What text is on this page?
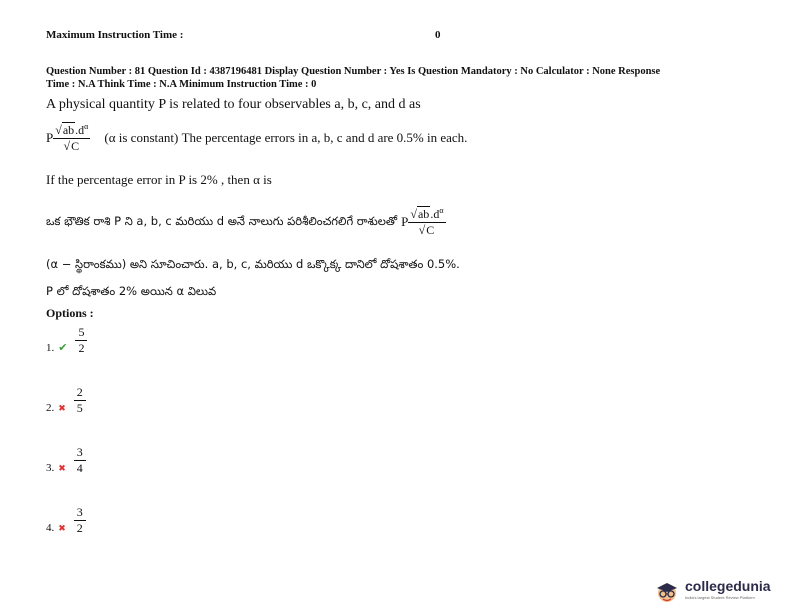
Maximum Instruction Time :	0
Question Number : 81 Question Id : 4387196481 Display Question Number : Yes Is Question Mandatory : No Calculator : None Response
Time : N.A Think Time : N.A Minimum Instruction Time : 0
A physical quantity P is related to four observables a, b, c, and d as
P $\frac{√ab.d^\alpha}{√C} (\alpha$ is constant) The percentage errors in a, b, c and d are 0.5% in each.
If the percentage error in P is 2% , then α is
ఒక భౌతిక రాశి P ని a, b, c మరియు d అనే నాలుగు పరిశీలించగలిగే రాశులతో P $\frac{√ab.d^\alpha}{√C}$
(α − స్థిరాంకము) అని సూచించారు. a, b, c, మరియు d ఒక్కొక్క దానిలో దోషశాతం 0.5%.
P లో దోషశాతం 2% అయిన α విలువ
Options :
1. ✔ $\frac{5}{2}$
2. ✖ $\frac{2}{5}$
3. ✖ $\frac{3}{4}$
4. ✖ $\frac{3}{2}$
collegedunia
India's largest Student Review Platform
